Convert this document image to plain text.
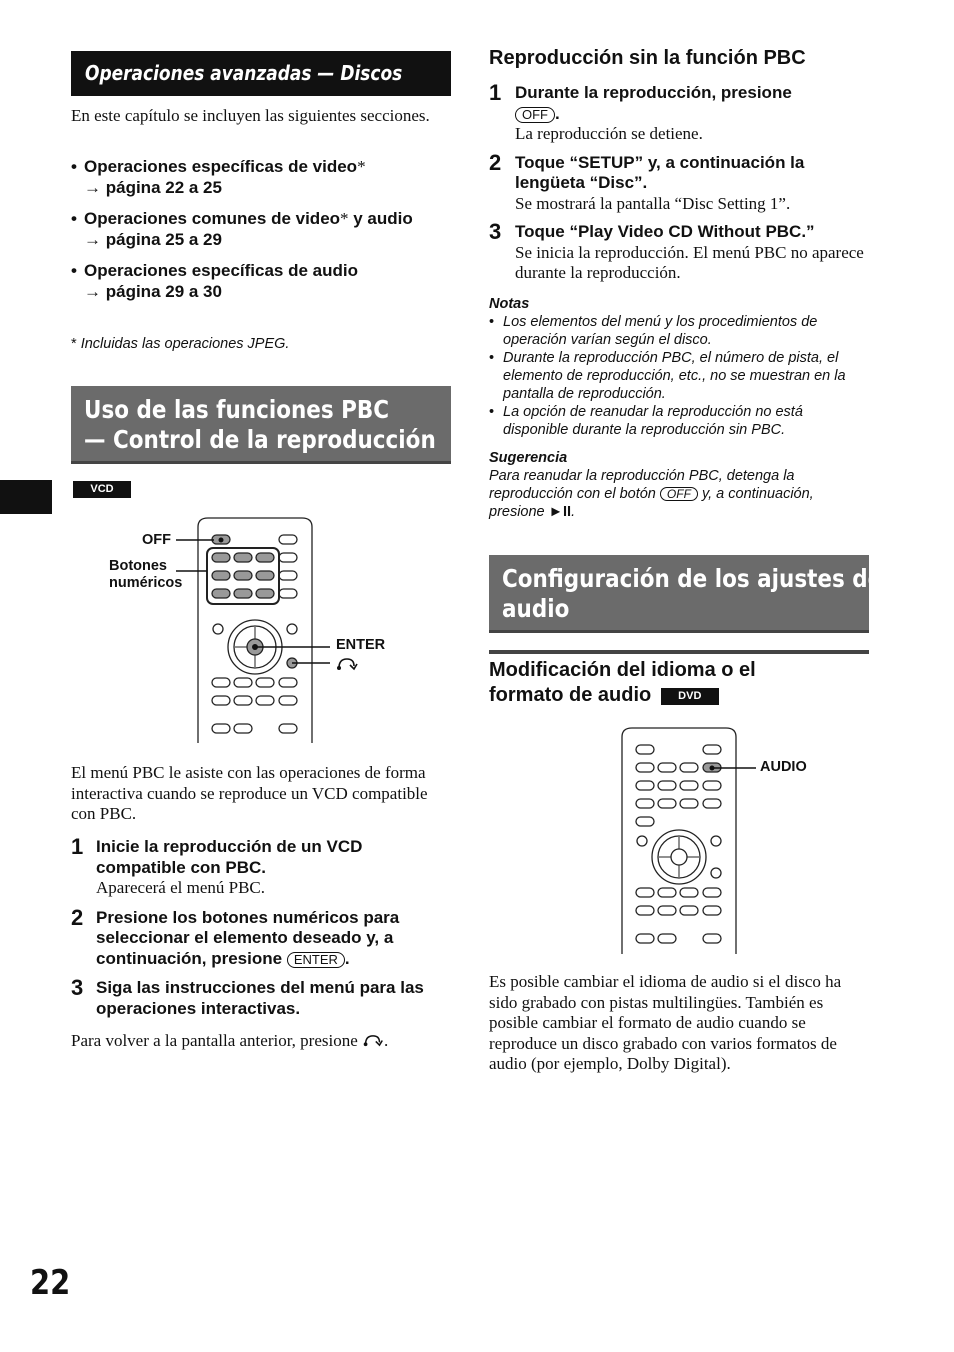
22
Operaciones avanzadas — Discos
En este capítulo se incluyen las siguientes secciones.
• Operaciones específicas de video*
→ página 22 a 25
• Operaciones comunes de video* y audio
→ página 25 a 29
• Operaciones específicas de audio
→ página 29 a 30
* Incluidas las operaciones JPEG.
Uso de las funciones PBC
— Control de la reproducción
VCD
OFF
Botones
numéricos
ENTER
El menú PBC le asiste con las operaciones de forma interactiva cuando se reproduce un VCD compatible con PBC.
1 Inicie la reproducción de un VCD compatible con PBC.
Aparecerá el menú PBC.
2 Presione los botones numéricos para seleccionar el elemento deseado y, a continuación, presione ENTER .
3 Siga las instrucciones del menú para las operaciones interactivas.
Para volver a la pantalla anterior, presione .
Reproducción sin la función PBC
1 Durante la reproducción, presione
OFF .
La reproducción se detiene.
2 Toque “SETUP” y, a continuación la lengüeta “Disc”.
Se mostrará la pantalla “Disc Setting 1”.
3 Toque “Play Video CD Without PBC.”
Se inicia la reproducción. El menú PBC no aparece durante la reproducción.
Notas
• Los elementos del menú y los procedimientos de operación varían según el disco.
• Durante la reproducción PBC, el número de pista, el elemento de reproducción, etc., no se muestran en la pantalla de reproducción.
• La opción de reanudar la reproducción no está disponible durante la reproducción sin PBC.
Sugerencia
Para reanudar la reproducción PBC, detenga la reproducción con el botón OFF y, a continuación, presione ►II.
Configuración de los ajustes de
audio
Modificación del idioma o el
formato de audio DVD
AUDIO
Es posible cambiar el idioma de audio si el disco ha sido grabado con pistas multilingües. También es posible cambiar el formato de audio cuando se reproduce un disco grabado con varios formatos de audio (por ejemplo, Dolby Digital).
